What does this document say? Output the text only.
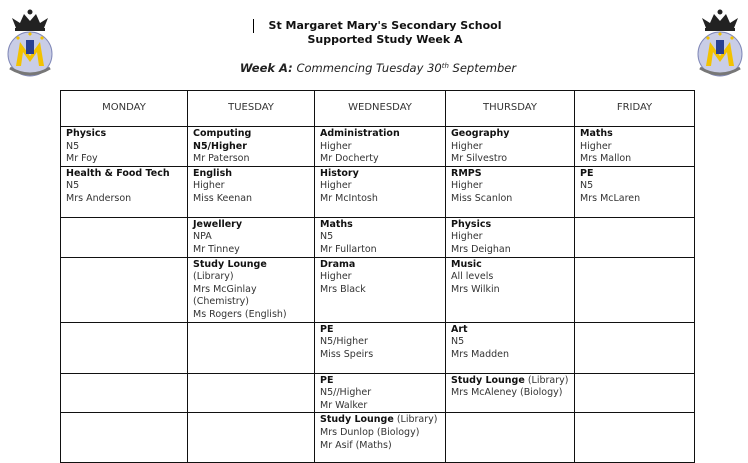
St Margaret Mary's Secondary School
Supported Study Week A
Week A: Commencing Tuesday 30th September
MONDAY	TUESDAY	WEDNESDAY	THURSDAY	FRIDAY

Physics
N5
Mr Foy	Computing
N5/Higher
Mr Paterson	Administration
Higher
Mr Docherty	Geography
Higher
Mr Silvestro	Maths
Higher
Mrs Mallon

Health & Food Tech
N5
Mrs Anderson	English
Higher
Miss Keenan	History
Higher
Mr McIntosh	RMPS
Higher
Miss Scanlon	PE
N5
Mrs McLaren

	Jewellery
NPA
Mr Tinney	Maths
N5
Mr Fullarton	Physics
Higher
Mrs Deighan	

	Study Lounge (Library)
Mrs McGinlay
(Chemistry)
Ms Rogers (English)	Drama
Higher
Mrs Black	Music
All levels
Mrs Wilkin	

		PE
N5/Higher
Miss Speirs	Art
N5
Mrs Madden	

		PE
N5//Higher
Mr Walker	Study Lounge (Library)
Mrs McAleney (Biology)	

		Study Lounge (Library)
Mrs Dunlop (Biology)
Mr Asif (Maths)		
